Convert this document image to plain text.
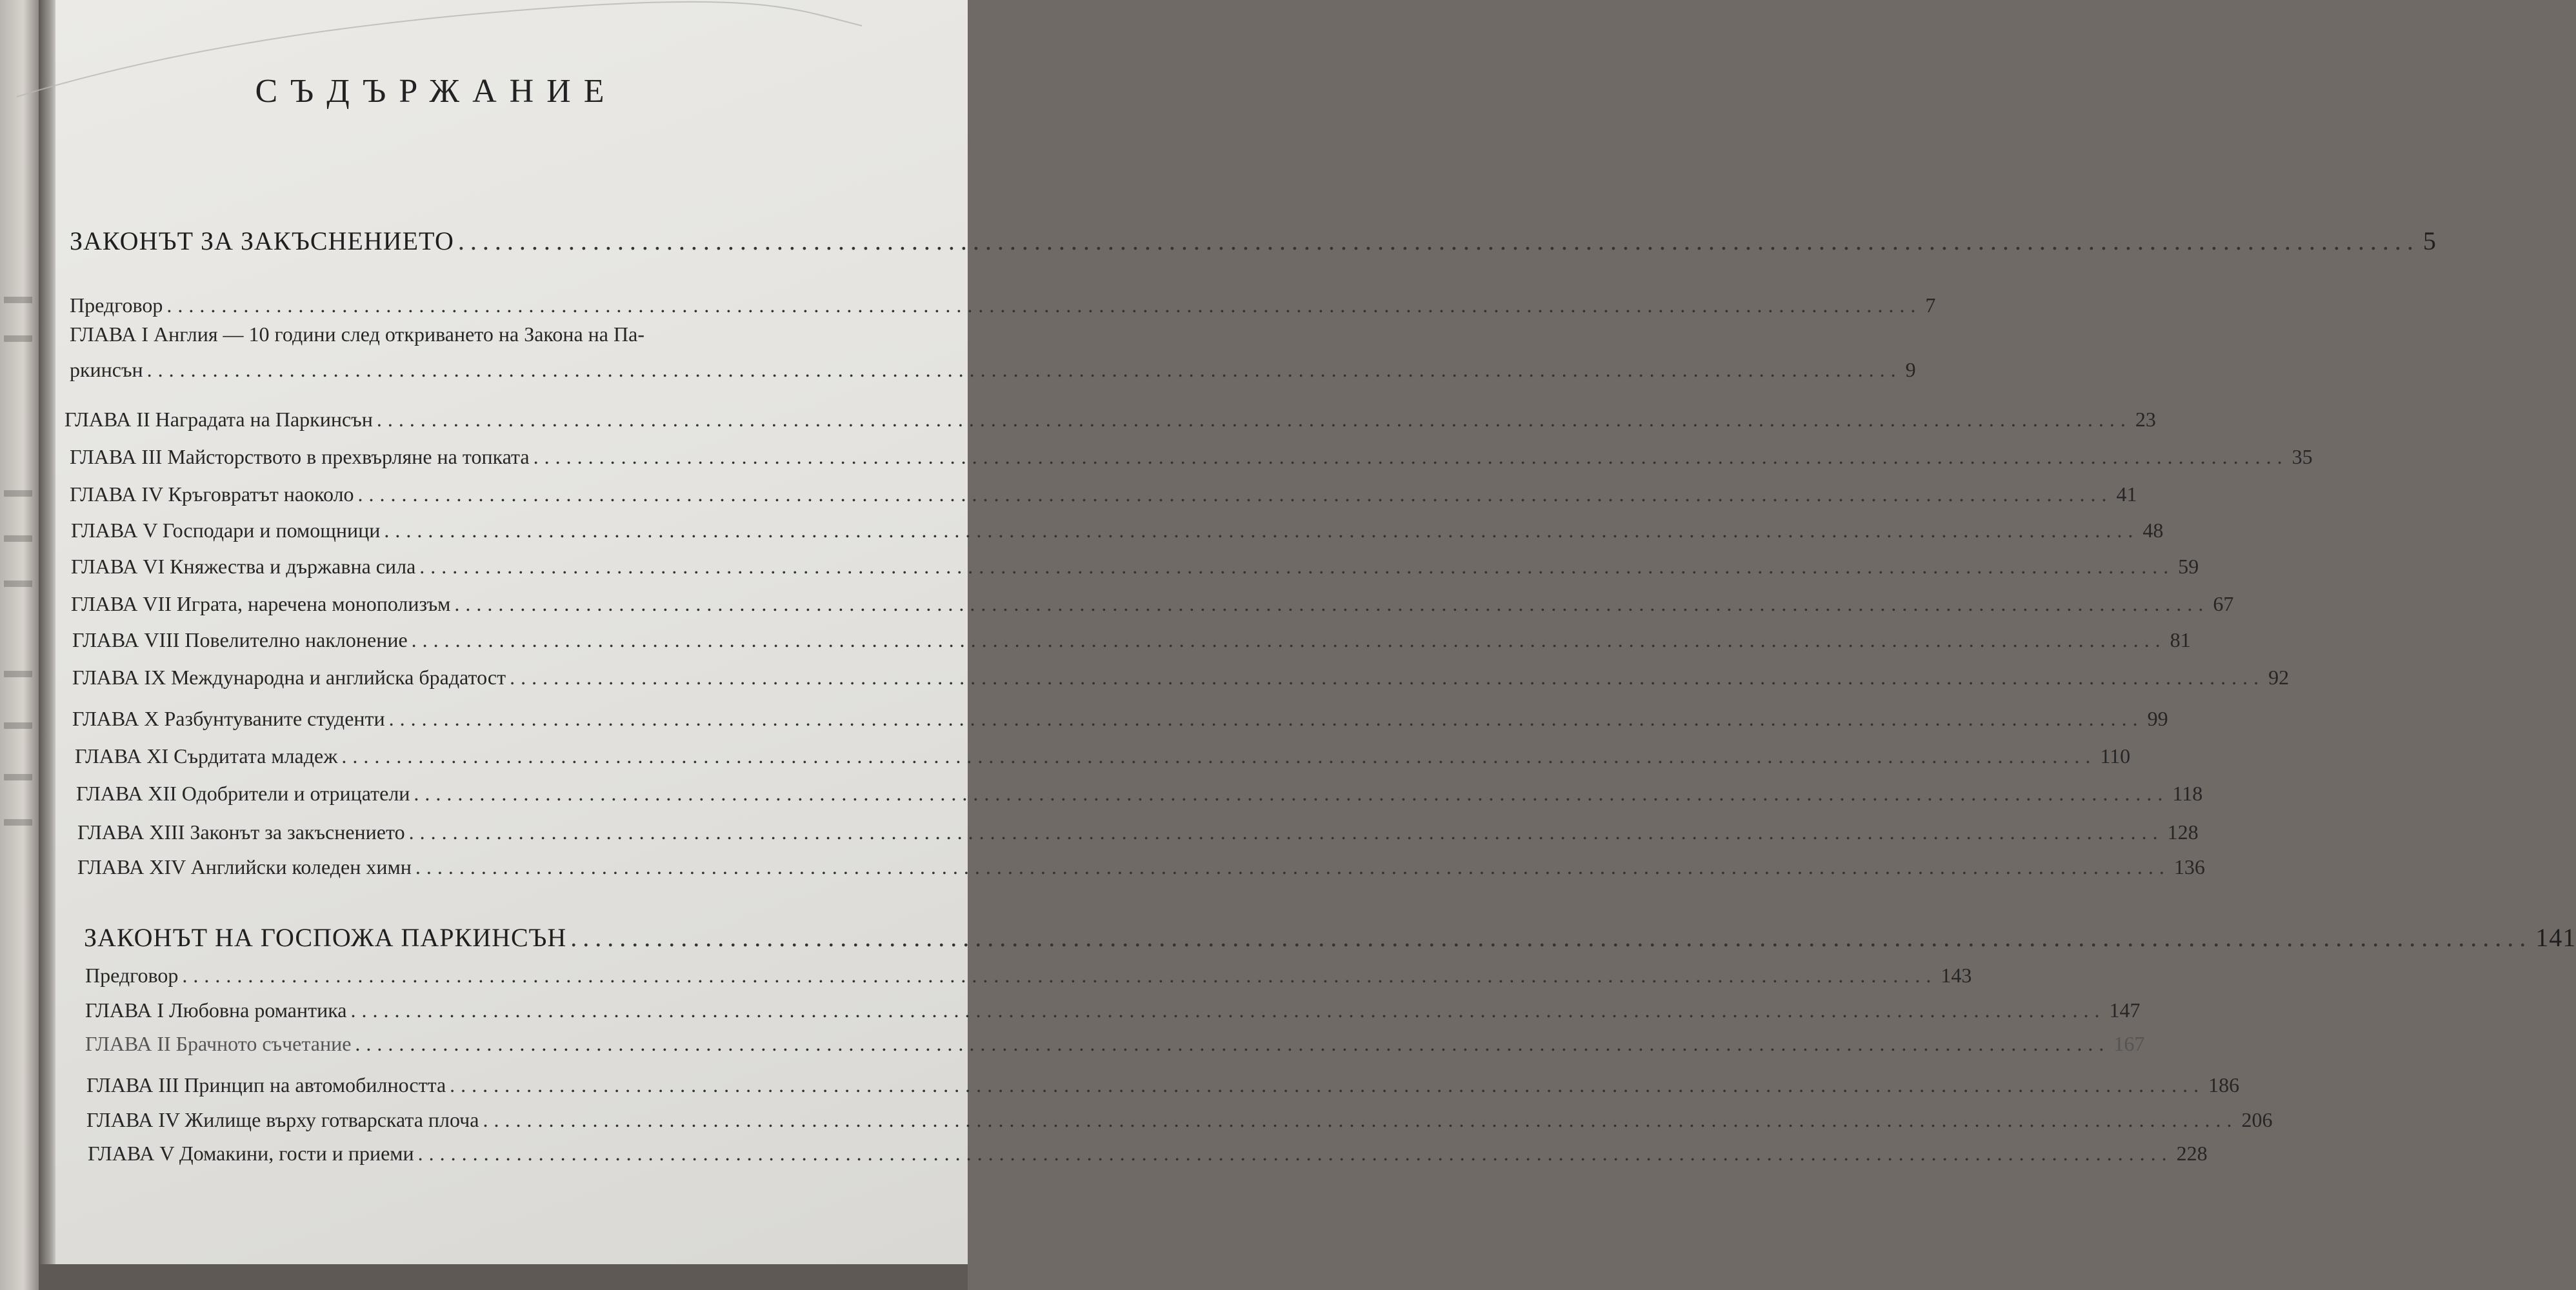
СЪДЪРЖАНИЕ
ЗАКОНЪТ ЗА ЗАКЪСНЕНИЕТО ................................................................................................................................................................ 5
Предговор ................................................................................................................................................................ 7
ГЛАВА I Англия — 10 години след откриването на Закона на Па-
ркинсън ................................................................................................................................................................ 9
ГЛАВА II Наградата на Паркинсън ................................................................................................................................................................ 23
ГЛАВА III Майсторството в прехвърляне на топката ................................................................................................................................................................ 35
ГЛАВА IV Кръговратът наоколо ................................................................................................................................................................ 41
ГЛАВА V Господари и помощници ................................................................................................................................................................ 48
ГЛАВА VI Княжества и държавна сила ................................................................................................................................................................ 59
ГЛАВА VII Играта, наречена монополизъм ................................................................................................................................................................ 67
ГЛАВА VIII Повелително наклонение ................................................................................................................................................................ 81
ГЛАВА IX Международна и английска брадатост ................................................................................................................................................................ 92
ГЛАВА X Разбунтуваните студенти ................................................................................................................................................................ 99
ГЛАВА XI Сърдитата младеж ................................................................................................................................................................ 110
ГЛАВА XII Одобрители и отрицатели ................................................................................................................................................................ 118
ГЛАВА XIII Законът за закъснението ................................................................................................................................................................ 128
ГЛАВА XIV Английски коледен химн ................................................................................................................................................................ 136
ЗАКОНЪТ НА ГОСПОЖА ПАРКИНСЪН ................................................................................................................................................................ 141
Предговор ................................................................................................................................................................ 143
ГЛАВА I Любовна романтика ................................................................................................................................................................ 147
ГЛАВА II Брачното съчетание ................................................................................................................................................................ 167
ГЛАВА III Принцип на автомобилността ................................................................................................................................................................ 186
ГЛАВА IV Жилище върху готварската плоча ................................................................................................................................................................ 206
ГЛАВА V Домакини, гости и приеми ................................................................................................................................................................ 228
